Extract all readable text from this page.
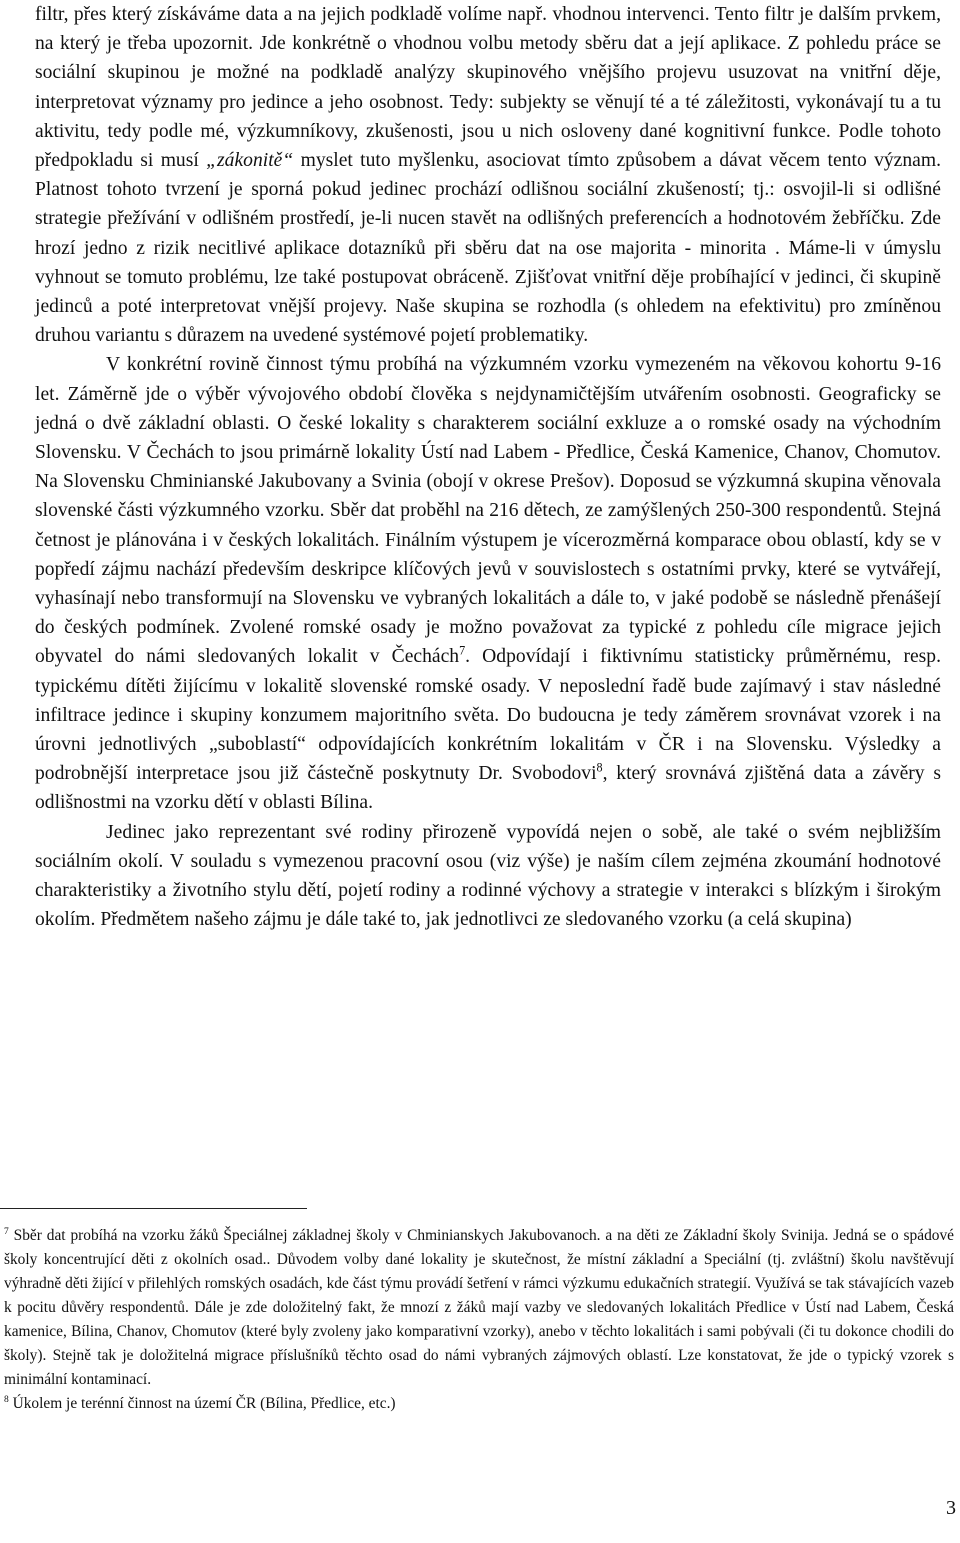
filtr, přes který získáváme data a na jejich podkladě volíme např. vhodnou intervenci. Tento filtr je dalším prvkem, na který je třeba upozornit. Jde konkrétně o vhodnou volbu metody sběru dat a její aplikace. Z pohledu práce se sociální skupinou je možné na podkladě analýzy skupinového vnějšího projevu usuzovat na vnitřní děje, interpretovat významy pro jedince a jeho osobnost. Tedy: subjekty se věnují té a té záležitosti, vykonávají tu a tu aktivitu, tedy podle mé, výzkumníkovy, zkušenosti, jsou u nich osloveny dané kognitivní funkce. Podle tohoto předpokladu si musí „zákonitě“ myslet tuto myšlenku, asociovat tímto způsobem a dávat věcem tento význam. Platnost tohoto tvrzení je sporná pokud jedinec prochází odlišnou sociální zkušeností; tj.: osvojil-li si odlišné strategie přežívání v odlišném prostředí, je-li nucen stavět na odlišných preferencích a hodnotovém žebříčku. Zde hrozí jedno z rizik necitlivé aplikace dotazníků při sběru dat na ose majorita - minorita . Máme-li v úmyslu vyhnout se tomuto problému, lze také postupovat obráceně. Zjišťovat vnitřní děje probíhající v jedinci, či skupině jedinců a poté interpretovat vnější projevy. Naše skupina se rozhodla (s ohledem na efektivitu) pro zmíněnou druhou variantu s důrazem na uvedené systémové pojetí problematiky.

V konkrétní rovině činnost týmu probíhá na výzkumném vzorku vymezeném na věkovou kohortu 9-16 let. Záměrně jde o výběr vývojového období člověka s nejdynamičtějším utvářením osobnosti. Geograficky se jedná o dvě základní oblasti. O české lokality s charakterem sociální exkluze a o romské osady na východním Slovensku. V Čechách to jsou primárně lokality Ústí nad Labem - Předlice, Česká Kamenice, Chanov, Chomutov. Na Slovensku Chminianské Jakubovany a Svinia (obojí v okrese Prešov). Doposud se výzkumná skupina věnovala slovenské části výzkumného vzorku. Sběr dat proběhl na 216 dětech, ze zamýšlených 250-300 respondentů. Stejná četnost je plánována i v českých lokalitách. Finálním výstupem je vícerozměrná komparace obou oblastí, kdy se v popředí zájmu nachází především deskripce klíčových jevů v souvislostech s ostatními prvky, které se vytvářejí, vyhasínají nebo transformují na Slovensku ve vybraných lokalitách a dále to, v jaké podobě se následně přenášejí do českých podmínek. Zvolené romské osady je možno považovat za typické z pohledu cíle migrace jejich obyvatel do námi sledovaných lokalit v Čechách$^7$. Odpovídají i fiktivnímu statisticky průměrnému, resp. typickému dítěti žijícímu v lokalitě slovenské romské osady. V neposlední řadě bude zajímavý i stav následné infiltrace jedince i skupiny konzumem majoritního světa. Do budoucna je tedy záměrem srovnávat vzorek i na úrovni jednotlivých „suboblastí“ odpovídajících konkrétním lokalitám v ČR i na Slovensku. Výsledky a podrobnější interpretace jsou již částečně poskytnuty Dr. Svobodovi$^8$, který srovnává zjištěná data a závěry s odlišnostmi na vzorku dětí v oblasti Bílina.

Jedinec jako reprezentant své rodiny přirozeně vypovídá nejen o sobě, ale také o svém nejbližším sociálním okolí. V souladu s vymezenou pracovní osou (viz výše) je naším cílem zejména zkoumání hodnotové charakteristiky a životního stylu dětí, pojetí rodiny a rodinné výchovy a strategie v interakci s blízkým i širokým okolím. Předmětem našeho zájmu je dále také to, jak jednotlivci ze sledovaného vzorku (a celá skupina)

$^7$ Sběr dat probíhá na vzorku žáků Špeciálnej základnej školy v Chminianskych Jakubovanoch. a na děti ze Základní školy Svinija. Jedná se o spádové školy koncentrující děti z okolních osad.. Důvodem volby dané lokality je skutečnost, že místní základní a Speciální (tj. zvláštní) školu navštěvují výhradně děti žijící v přilehlých romských osadách, kde část týmu provádí šetření v rámci výzkumu edukačních strategií. Využívá se tak stávajících vazeb k pocitu důvěry respondentů. Dále je zde doložitelný fakt, že mnozí z žáků mají vazby ve sledovaných lokalitách Předlice v Ústí nad Labem, Česká kamenice, Bílina, Chanov, Chomutov (které byly zvoleny jako komparativní vzorky), anebo v těchto lokalitách i sami pobývali (či tu dokonce chodili do školy). Stejně tak je doložitelná migrace příslušníků těchto osad do námi vybraných zájmových oblastí. Lze konstatovat, že jde o typický vzorek s minimální kontaminací.

$^8$ Úkolem je terénní činnost na území ČR (Bílina, Předlice, etc.)

3
